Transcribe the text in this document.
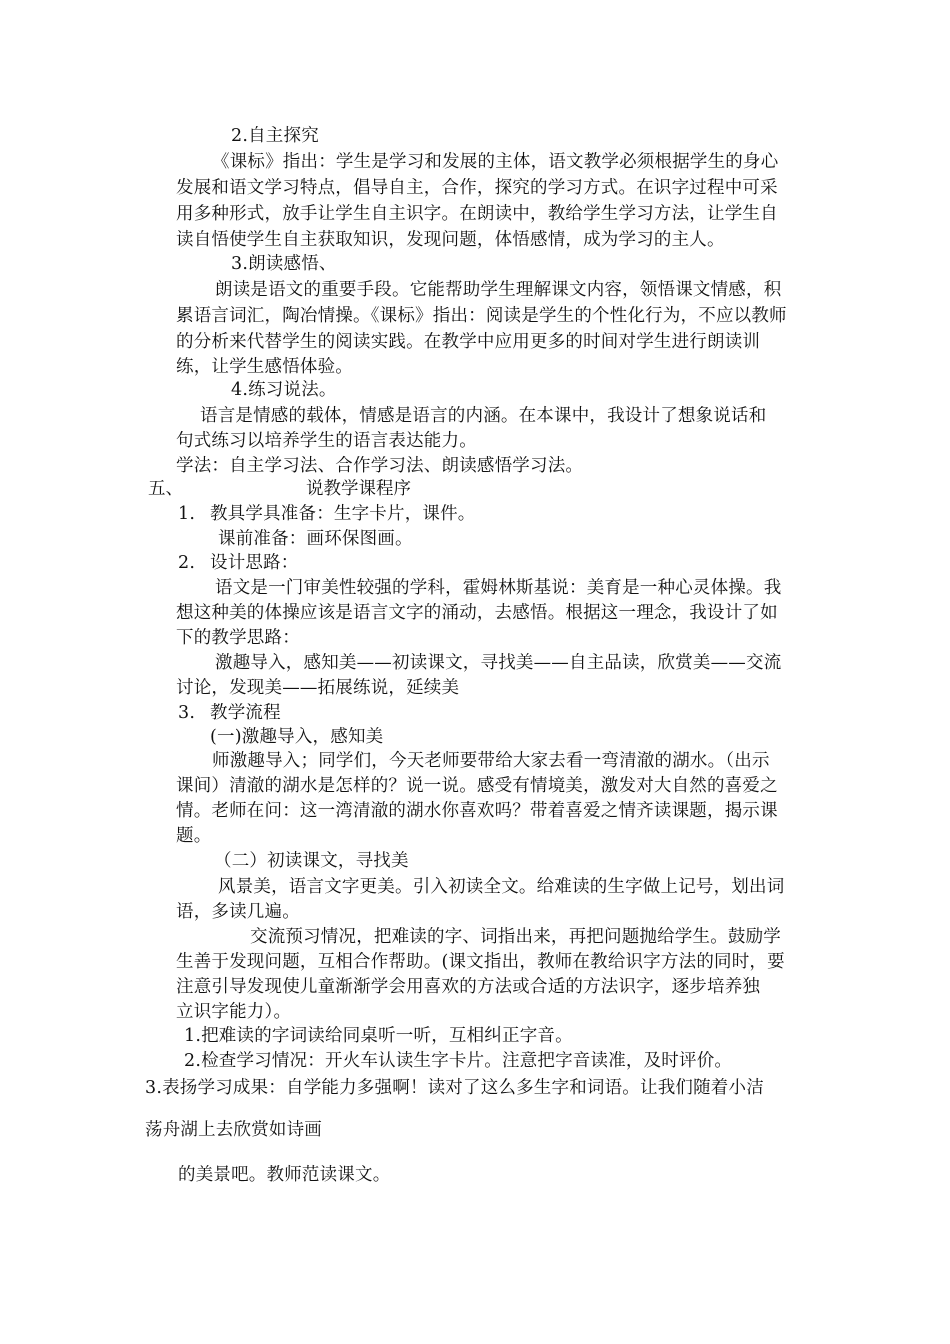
2.自主探究
《课标》指出：学生是学习和发展的主体，语文教学必须根据学生的身心
发展和语文学习特点，倡导自主，合作，探究的学习方式。在识字过程中可采
用多种形式，放手让学生自主识字。在朗读中，教给学生学习方法，让学生自
读自悟使学生自主获取知识，发现问题，体悟感情，成为学习的主人。
3.朗读感悟、
朗读是语文的重要手段。它能帮助学生理解课文内容，领悟课文情感，积
累语言词汇，陶冶情操。《课标》指出：阅读是学生的个性化行为，不应以教师
的分析来代替学生的阅读实践。在教学中应用更多的时间对学生进行朗读训
练，让学生感悟体验。
4.练习说法。
语言是情感的载体，情感是语言的内涵。在本课中，我设计了想象说话和
句式练习以培养学生的语言表达能力。
学法：自主学习法、合作学习法、朗读感悟学习法。
五、	说教学课程序
1. 教具学具准备：生字卡片，课件。
课前准备：画环保图画。
2. 设计思路：
语文是一门审美性较强的学科，霍姆林斯基说：美育是一种心灵体操。我
想这种美的体操应该是语言文字的涌动，去感悟。根据这一理念，我设计了如
下的教学思路：
激趣导入，感知美——初读课文，寻找美——自主品读，欣赏美——交流
讨论，发现美——拓展练说，延续美
3. 教学流程
(一)激趣导入，感知美
师激趣导入；同学们，今天老师要带给大家去看一弯清澈的湖水。（出示
课间）清澈的湖水是怎样的？说一说。感受有情境美，激发对大自然的喜爱之
情。老师在问：这一湾清澈的湖水你喜欢吗？带着喜爱之情齐读课题，揭示课
题。
（二）初读课文，寻找美
风景美，语言文字更美。引入初读全文。给难读的生字做上记号，划出词
语，多读几遍。
交流预习情况，把难读的字、词指出来，再把问题抛给学生。鼓励学
生善于发现问题，互相合作帮助。(课文指出，教师在教给识字方法的同时，要
注意引导发现使儿童渐渐学会用喜欢的方法或合适的方法识字，逐步培养独
立识字能力）。
1.把难读的字词读给同桌听一听，互相纠正字音。
2.检查学习情况：开火车认读生字卡片。注意把字音读准，及时评价。
3.表扬学习成果：自学能力多强啊！读对了这么多生字和词语。让我们随着小洁
荡舟湖上去欣赏如诗画
的美景吧。教师范读课文。
